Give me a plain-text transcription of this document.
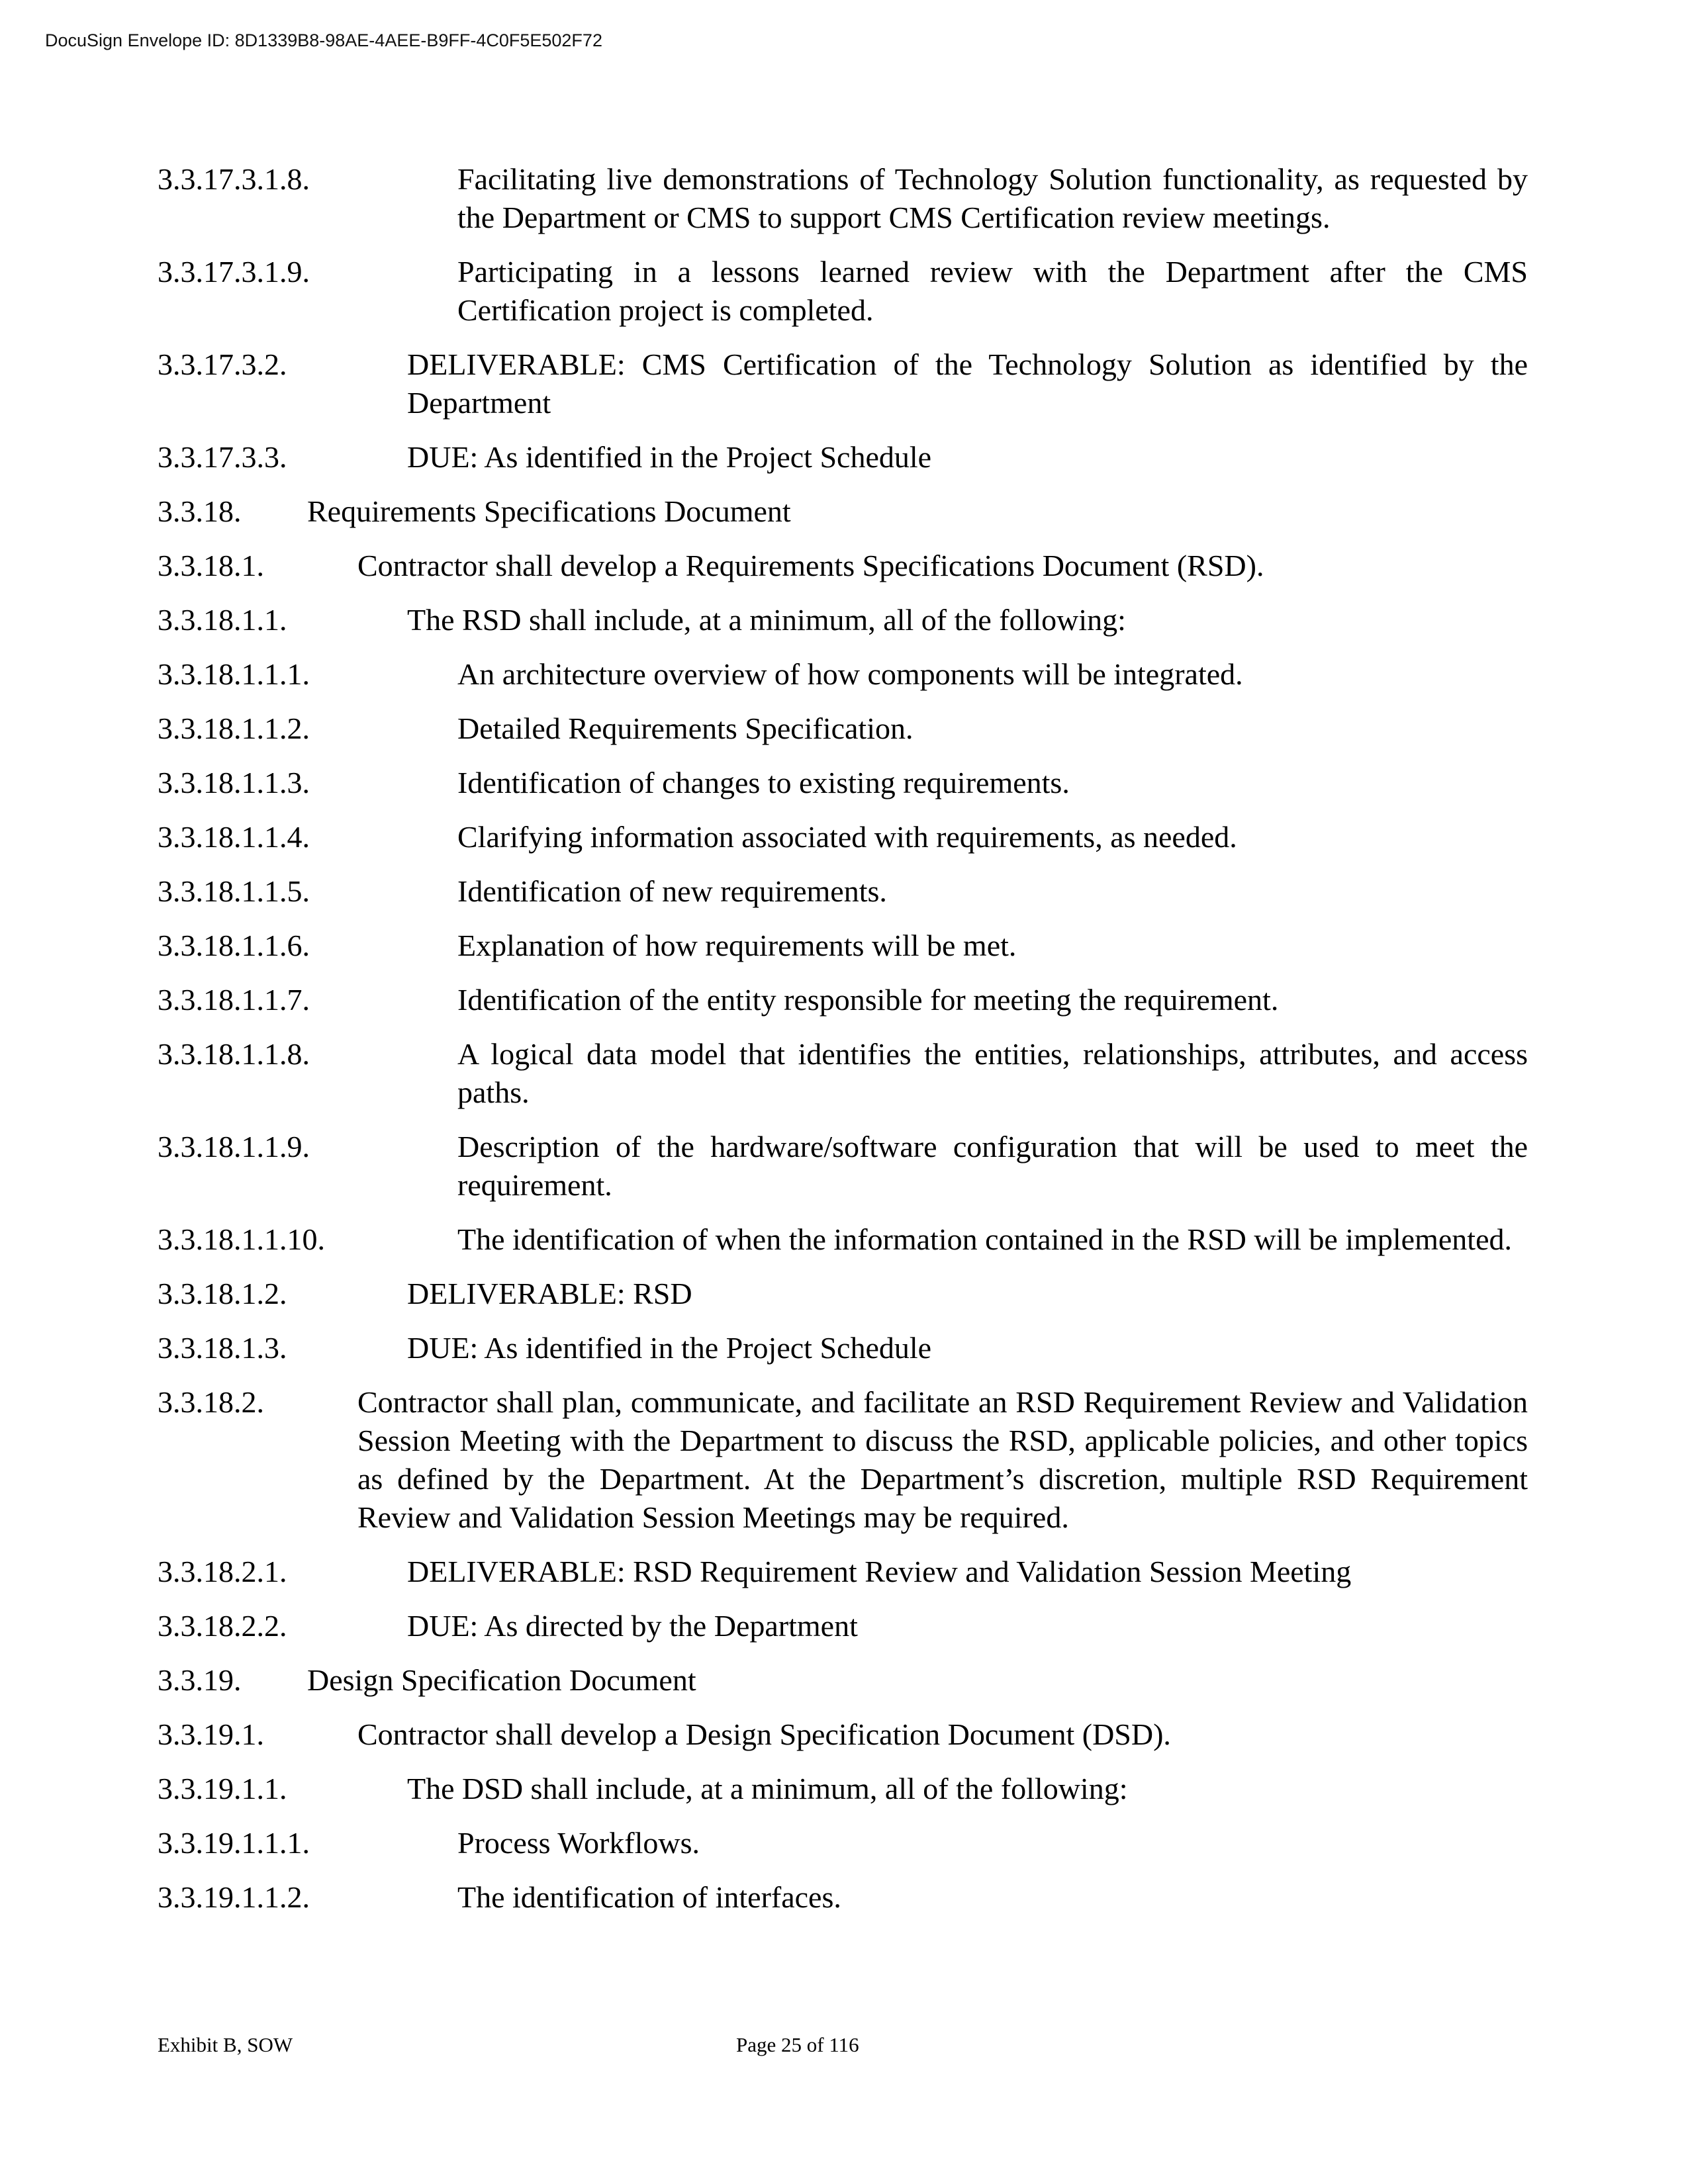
DocuSign Envelope ID: 8D1339B8-98AE-4AEE-B9FF-4C0F5E502F72
3.3.17.3.1.8.	Facilitating live demonstrations of Technology Solution functionality, as requested by the Department or CMS to support CMS Certification review meetings.
3.3.17.3.1.9.	Participating in a lessons learned review with the Department after the CMS Certification project is completed.
3.3.17.3.2.	DELIVERABLE: CMS Certification of the Technology Solution as identified by the Department
3.3.17.3.3.	DUE: As identified in the Project Schedule
3.3.18. Requirements Specifications Document
3.3.18.1.	Contractor shall develop a Requirements Specifications Document (RSD).
3.3.18.1.1.	The RSD shall include, at a minimum, all of the following:
3.3.18.1.1.1.	An architecture overview of how components will be integrated.
3.3.18.1.1.2.	Detailed Requirements Specification.
3.3.18.1.1.3.	Identification of changes to existing requirements.
3.3.18.1.1.4.	Clarifying information associated with requirements, as needed.
3.3.18.1.1.5.	Identification of new requirements.
3.3.18.1.1.6.	Explanation of how requirements will be met.
3.3.18.1.1.7.	Identification of the entity responsible for meeting the requirement.
3.3.18.1.1.8.	A logical data model that identifies the entities, relationships, attributes, and access paths.
3.3.18.1.1.9.	Description of the hardware/software configuration that will be used to meet the requirement.
3.3.18.1.1.10.	The identification of when the information contained in the RSD will be implemented.
3.3.18.1.2.	DELIVERABLE: RSD
3.3.18.1.3.	DUE: As identified in the Project Schedule
3.3.18.2.	Contractor shall plan, communicate, and facilitate an RSD Requirement Review and Validation Session Meeting with the Department to discuss the RSD, applicable policies, and other topics as defined by the Department. At the Department’s discretion, multiple RSD Requirement Review and Validation Session Meetings may be required.
3.3.18.2.1.	DELIVERABLE: RSD Requirement Review and Validation Session Meeting
3.3.18.2.2.	DUE: As directed by the Department
3.3.19. Design Specification Document
3.3.19.1.	Contractor shall develop a Design Specification Document (DSD).
3.3.19.1.1.	The DSD shall include, at a minimum, all of the following:
3.3.19.1.1.1.	Process Workflows.
3.3.19.1.1.2.	The identification of interfaces.
Exhibit B, SOW	Page 25 of 116
